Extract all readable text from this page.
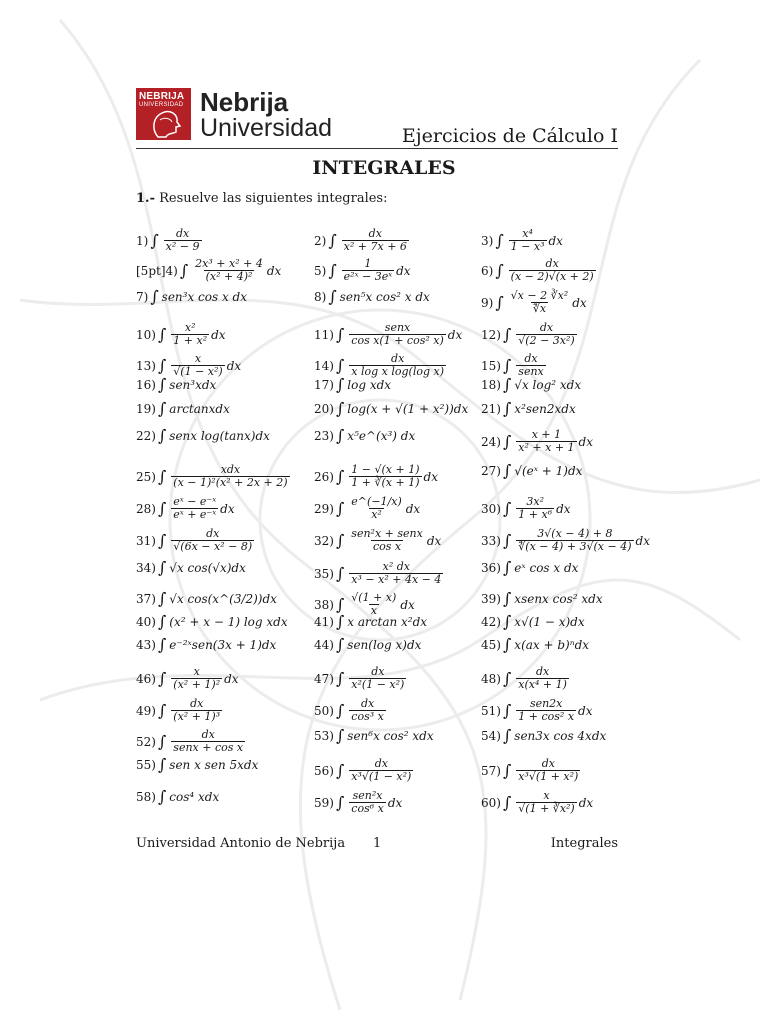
NEBRIJA
UNIVERSIDAD Nebrija
Universidad	Ejercicios de Cálculo I
INTEGRALES
1.- Resuelve las siguientes integrales:
1) ∫ $\frac{dx}{\text{x² − 9}}$	2) ∫ $\frac{dx}{\text{x² + 7x + 6}}$	3) ∫ $\frac{\text{x⁴}}{\text{1 − x³}}$ dx
[5pt]4) ∫ $\frac{\text{2x³ + x² + 4}}{\text{(x² + 4)²}}$ dx	5) ∫ $\frac{1}{\text{e²ˣ − 3eˣ}}$ dx	6) ∫ $\frac{dx}{(x - 2)√(x + 2)}$
7) ∫ sen³x cos x dx	8) ∫ sen⁵x cos² x dx	9) ∫ $\frac{\text{√x − 2 ∛x²}}{∜x}$ dx
10) ∫ $\frac{\text{x²}}{\text{1 + x²}}$ dx	11) ∫ $\frac{\text{senx}}{\text{cos x(1 + cos² x)}}$ dx 12) ∫ $\frac{dx}{\text{√(2 − 3x²)}}$
13) ∫ $\frac{x}{\text{√(1 − x²)}}$ dx	14) ∫ $\frac{dx}{\text{x log x log(log x)}}$	15) ∫ $\frac{dx}{\text{senx}}$
16) ∫ sen³xdx	17) ∫ log xdx	18) ∫ √x log² xdx
19) ∫ arctanxdx	20) ∫ log(x + √(1 + x²))dx 21) ∫ x²sen2xdx
22) ∫ senx log(tanx)dx	23) ∫ x⁵e^(x³) dx	24) ∫ $\frac{x + 1}{\text{x² + x + 1}}$ dx
25) ∫ $\frac{\text{xdx}}{\text{(x − 1)²(x² + 2x + 2)}} 26$) ∫ $\frac{1 - √(x + 1)}{1 + ∛(x + 1)}$ dx	27) ∫ √(eˣ + 1)dx
28) ∫ $\frac{\text{eˣ − e⁻ˣ}}{\text{eˣ + e⁻ˣ}}$ dx	29) ∫ $\frac{e\^{}(-1/x)}{\text{x²}}$ dx	30) ∫ $\frac{\text{3x²}}{\text{1 + x⁶}}$ dx
31) ∫ $\frac{dx}{\text{√(6x − x² − 8)}}$	32) ∫ $\frac{\text{sen²x + senx}}{\text{cos x}}$ dx	33) ∫ $\frac{3√(x - 4) + 8}{∜(x - 4) + 3√(x - 4)}$ dx
34) ∫ √x cos(√x)dx	35) ∫ $\frac{\text{x² dx}}{\text{x³ − x² + 4x − 4}}$	36) ∫ eˣ cos x dx
37) ∫ √x cos(x^(3/2))dx	38) ∫ $\frac{√(1 + x)}{x}$ dx	39) ∫ xsenx cos² xdx
40) ∫ (x² + x − 1) log xdx 41) ∫ x arctan x²dx	42) ∫ x√(1 − x)dx
43) ∫ e⁻²ˣsen(3x + 1)dx	44) ∫ sen(log x)dx	45) ∫ x(ax + b)ⁿdx
46) ∫ $\frac{x}{\text{(x² + 1)²}}$ dx	47) ∫ $\frac{dx}{\text{x²(1 − x²)}}$	48) ∫ $\frac{dx}{\text{x(x⁴ + 1)}}$
49) ∫ $\frac{dx}{\text{(x² + 1)³}}$	50) ∫ $\frac{dx}{\text{cos³ x}}$	51) ∫ $\frac{\text{sen2x}}{\text{1 + cos² x}}$ dx
52) ∫ $\frac{dx}{\text{senx + cos x}}$	53) ∫ sen⁶x cos² xdx	54) ∫ sen3x cos 4xdx
55) ∫ sen x sen 5xdx	56) ∫ $\frac{dx}{\text{x³√(1 − x²)}}$	57) ∫ $\frac{dx}{\text{x³√(1 + x²)}}$
58) ∫ cos⁴ xdx	59) ∫ $\frac{\text{sen²x}}{\text{cos⁶ x}}$ dx	60) ∫ $\frac{x}{\text{√(1 + ∛x²)}}$ dx
Universidad Antonio de Nebrija 1	Integrales
